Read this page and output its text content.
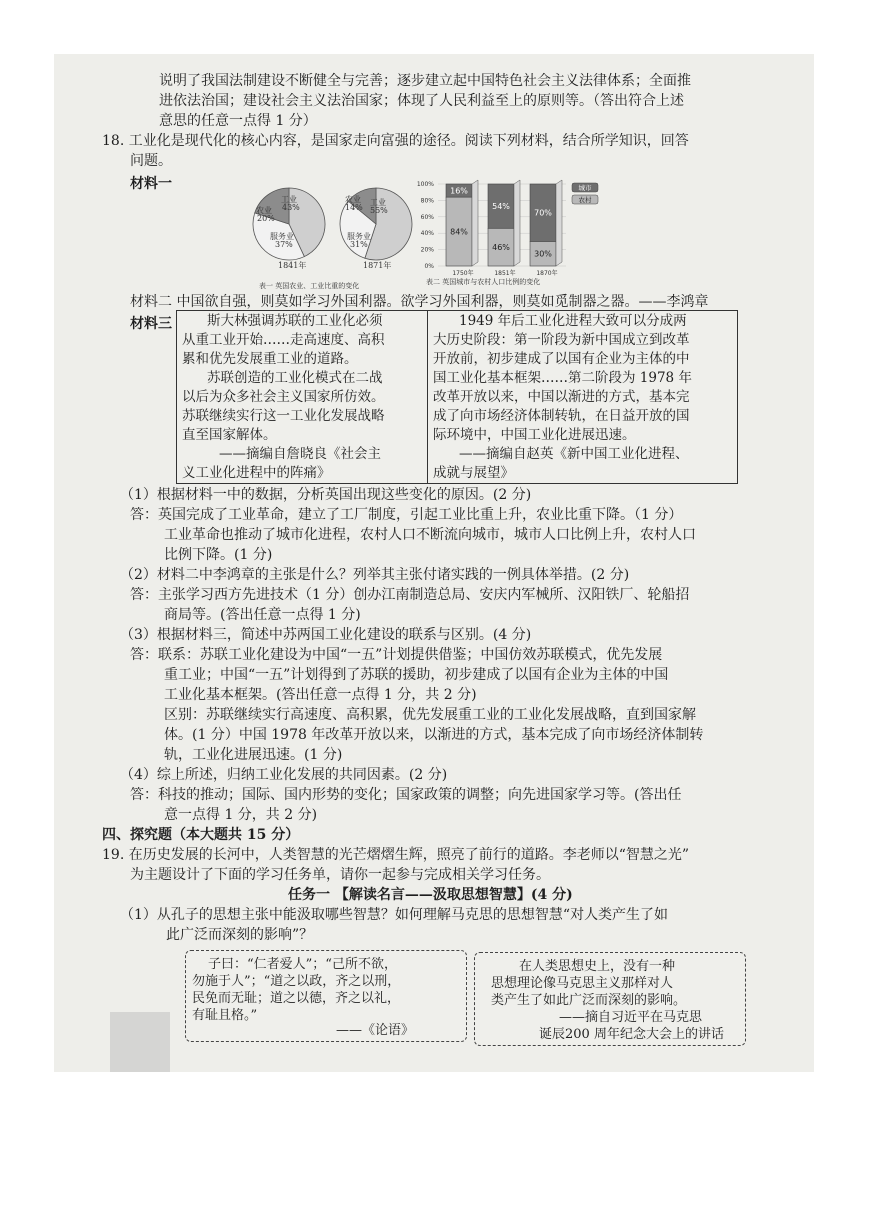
说明了我国法制建设不断健全与完善；逐步建立起中国特色社会主义法律体系；全面推
进依法治国；建设社会主义法治国家；体现了人民利益至上的原则等。（答出符合上述
意思的任意一点得 1 分）
18. 工业化是现代化的核心内容，是国家走向富强的途径。阅读下列材料，结合所学知识，回答
问题。
材料一
工业
43%
农业
20%
服务业
37%
1841年
工业
55%
农业
14%
服务业
31%
1871年
表一 英国农业、工业比重的变化
0%
20%
40%
60%
80%
100%
16%
84%
1750年
54%
46%
1851年
70%
30%
1870年
城市
农村
表二 英国城市与农村人口比例的变化
材料二 中国欲自强，则莫如学习外国利器。欲学习外国利器，则莫如觅制器之器。——李鸿章
材料三	斯大林强调苏联的工业化必须
从重工业开始……走高速度、高积
累和优先发展重工业的道路。
苏联创造的工业化模式在二战
以后为众多社会主义国家所仿效。
苏联继续实行这一工业化发展战略
直至国家解体。
——摘编自詹晓良《社会主
义工业化进程中的阵痛》
1949 年后工业化进程大致可以分成两
大历史阶段：第一阶段为新中国成立到改革
开放前，初步建成了以国有企业为主体的中
国工业化基本框架……第二阶段为 1978 年
改革开放以来，中国以渐进的方式，基本完
成了向市场经济体制转轨，在日益开放的国
际环境中，中国工业化进展迅速。
——摘编自赵英《新中国工业化进程、
成就与展望》
（1）根据材料一中的数据，分析英国出现这些变化的原因。(2 分)
答：英国完成了工业革命，建立了工厂制度，引起工业比重上升，农业比重下降。（1 分）
工业革命也推动了城市化进程，农村人口不断流向城市，城市人口比例上升，农村人口
比例下降。(1 分)
（2）材料二中李鸿章的主张是什么？列举其主张付诸实践的一例具体举措。(2 分)
答：主张学习西方先进技术（1 分）创办江南制造总局、安庆内军械所、汉阳铁厂、轮船招
商局等。(答出任意一点得 1 分)
（3）根据材料三，简述中苏两国工业化建设的联系与区别。(4 分)
答：联系：苏联工业化建设为中国“一五”计划提供借鉴；中国仿效苏联模式，优先发展
重工业；中国“一五”计划得到了苏联的援助，初步建成了以国有企业为主体的中国
工业化基本框架。(答出任意一点得 1 分，共 2 分)
区别：苏联继续实行高速度、高积累，优先发展重工业的工业化发展战略，直到国家解
体。(1 分）中国 1978 年改革开放以来，以渐进的方式，基本完成了向市场经济体制转
轨，工业化进展迅速。(1 分)
（4）综上所述，归纳工业化发展的共同因素。(2 分)
答：科技的推动；国际、国内形势的变化；国家政策的调整；向先进国家学习等。(答出任
意一点得 1 分，共 2 分)
四、探究题（本大题共 15 分）
19. 在历史发展的长河中，人类智慧的光芒熠熠生辉，照亮了前行的道路。李老师以“智慧之光”
为主题设计了下面的学习任务单，请你一起参与完成相关学习任务。
任务一 【解读名言——汲取思想智慧】(4 分)
（1）从孔子的思想主张中能汲取哪些智慧？如何理解马克思的思想智慧“对人类产生了如
此广泛而深刻的影响”？
子曰：“仁者爱人”；“己所不欲，
勿施于人”；“道之以政，齐之以刑，
民免而无耻；道之以德，齐之以礼，
有耻且格。”
——《论语》
在人类思想史上，没有一种
思想理论像马克思主义那样对人
类产生了如此广泛而深刻的影响。
——摘自习近平在马克思
诞辰200 周年纪念大会上的讲话
